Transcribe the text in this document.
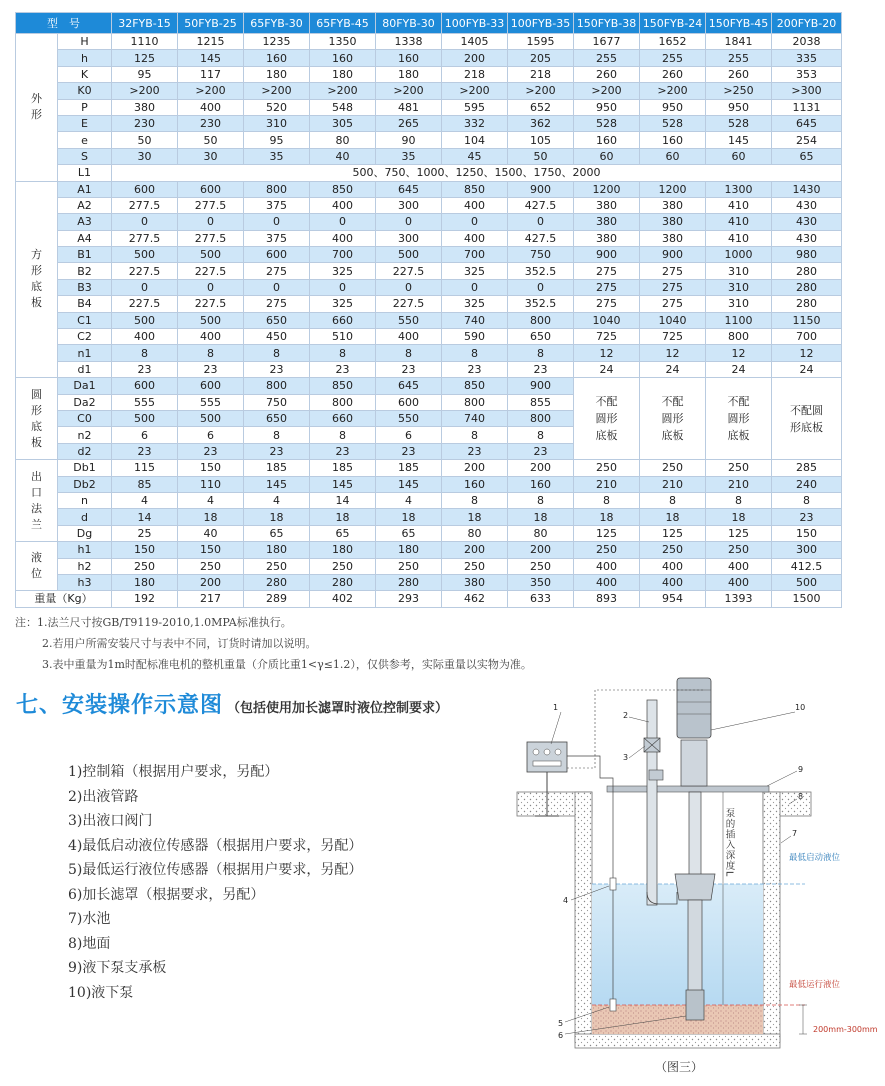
型　号		32FYB-15	50FYB-25	65FYB-30	65FYB-45	80FYB-30	100FYB-33	100FYB-35	150FYB-38	150FYB-24	150FYB-45	200FYB-20
外形	H	1110	1215	1235	1350	1338	1405	1595	1677	1652	1841	2038
	h	125	145	160	160	160	200	205	255	255	255	335
	K	95	117	180	180	180	218	218	260	260	260	353
	K0	>200	>200	>200	>200	>200	>200	>200	>200	>200	>250	>300
	P	380	400	520	548	481	595	652	950	950	950	1131
	E	230	230	310	305	265	332	362	528	528	528	645
	e	50	50	95	80	90	104	105	160	160	145	254
	S	30	30	35	40	35	45	50	60	60	60	65
	L1	500、750、1000、1250、1500、1750、2000										
方形底板	A1	600	600	800	850	645	850	900	1200	1200	1300	1430
	A2	277.5	277.5	375	400	300	400	427.5	380	380	410	430
	A3	0	0	0	0	0	0	0	380	380	410	430
	A4	277.5	277.5	375	400	300	400	427.5	380	380	410	430
	B1	500	500	600	700	500	700	750	900	900	1000	980
	B2	227.5	227.5	275	325	227.5	325	352.5	275	275	310	280
	B3	0	0	0	0	0	0	0	275	275	310	280
	B4	227.5	227.5	275	325	227.5	325	352.5	275	275	310	280
	C1	500	500	650	660	550	740	800	1040	1040	1100	1150
	C2	400	400	450	510	400	590	650	725	725	800	700
	n1	8	8	8	8	8	8	8	12	12	12	12
	d1	23	23	23	23	23	23	23	24	24	24	24
圆形底板	Da1	600	600	800	850	645	850	900	不配圆形底板	不配圆形底板	不配圆形底板	不配圆形底板
	Da2	555	555	750	800	600	800	855				
	C0	500	500	650	660	550	740	800				
	n2	6	6	8	8	6	8	8				
	d2	23	23	23	23	23	23	23				
出口法兰	Db1	115	150	185	185	185	200	200	250	250	250	285
	Db2	85	110	145	145	145	160	160	210	210	210	240
	n	4	4	4	14	4	8	8	8	8	8	8
	d	14	18	18	18	18	18	18	18	18	18	23
	Dg	25	40	65	65	65	80	80	125	125	125	150
液位	h1	150	150	180	180	180	200	200	250	250	250	300
	h2	250	250	250	250	250	250	250	400	400	400	412.5
	h3	180	200	280	280	280	380	350	400	400	400	500
重量（Kg）		192	217	289	402	293	462	633	893	954	1393	1500
注：1.法兰尺寸按GB/T9119-2010,1.0MPA标准执行。
2.若用户所需安装尺寸与表中不同，订货时请加以说明。
3.表中重量为1m时配标准电机的整机重量（介质比重1<γ≤1.2），仅供参考，实际重量以实物为准。
七、安装操作示意图 （包括使用加长滤罩时液位控制要求）
1)控制箱（根据用户要求，另配）
2)出液管路
3)出液口阀门
4)最低启动液位传感器（根据用户要求，另配）
5)最低运行液位传感器（根据用户要求，另配）
6)加长滤罩（根据要求，另配）
7)水池
8)地面
9)液下泵支承板
10)液下泵
泵的插入深度L	最低启动液位
最低运行液位
200mm-300mm
1
2
3
4
5
6
7
8
9
10
（图三）
